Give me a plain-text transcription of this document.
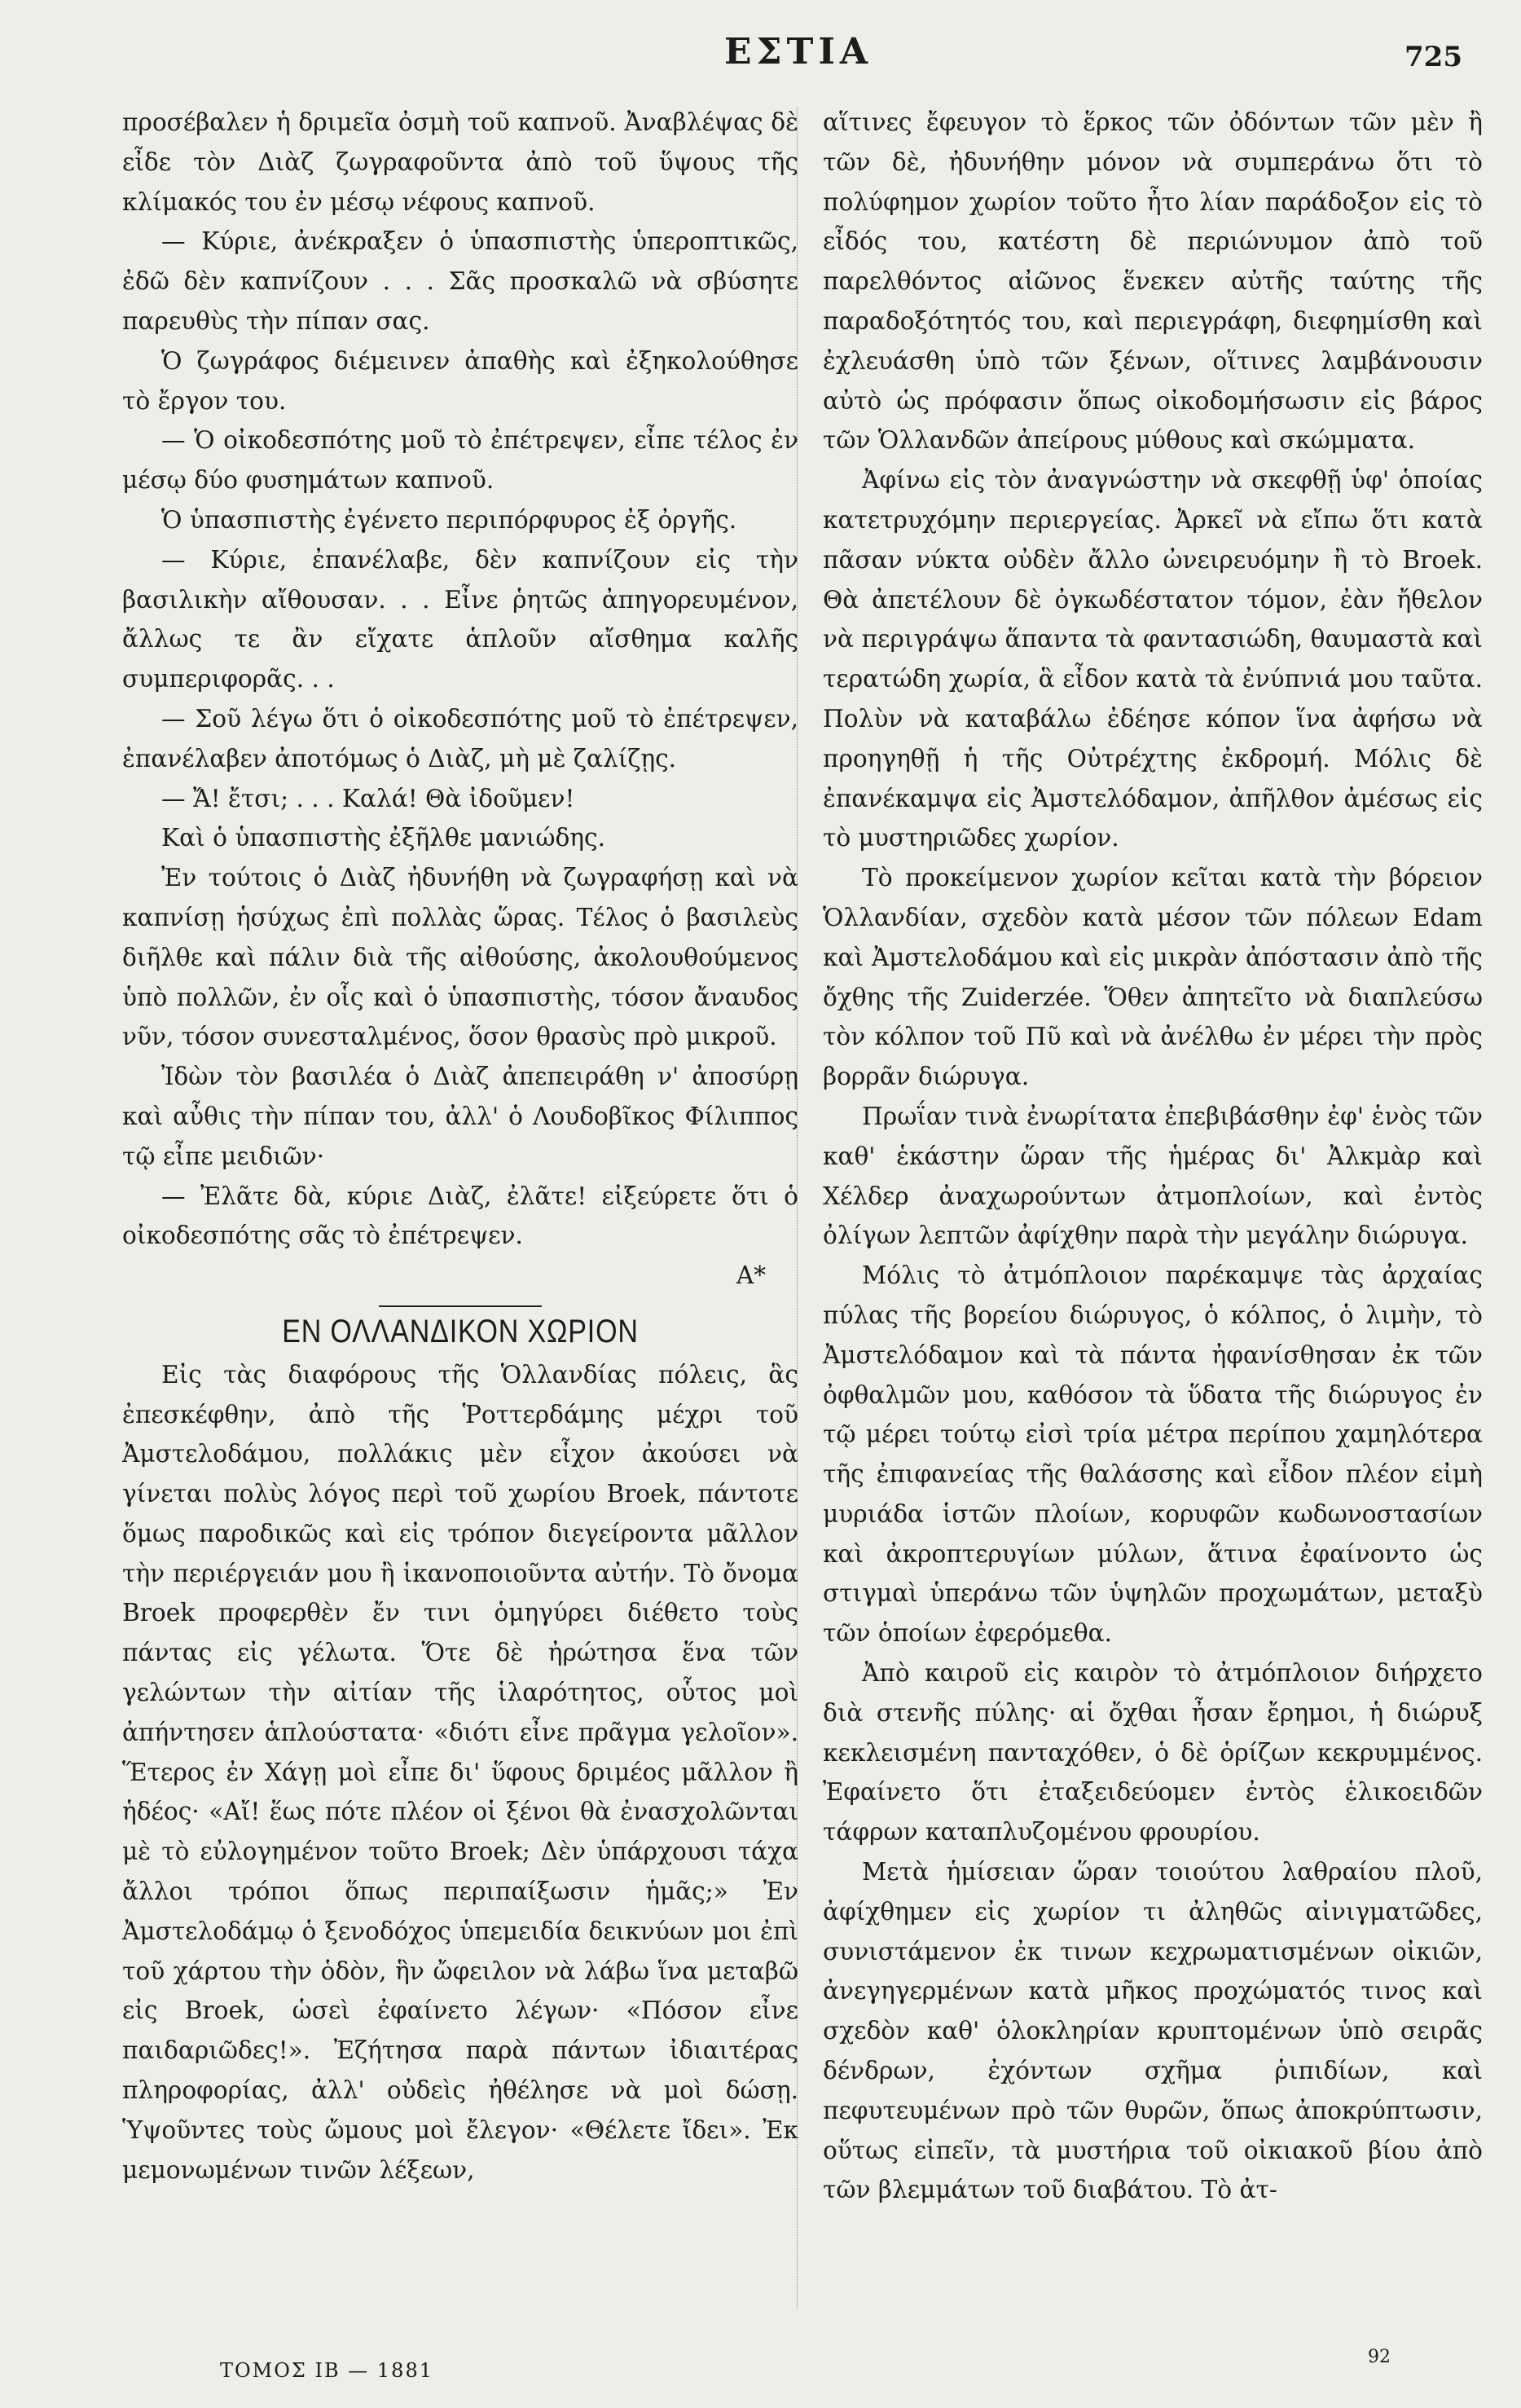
ΕΣΤΙΑ	725

προσέβαλεν ἡ δριμεῖα ὀσμὴ τοῦ καπνοῦ. Ἀναβλέψας δὲ εἶδε τὸν Διὰζ ζωγραφοῦντα ἀπὸ τοῦ ὕψους τῆς κλίμακός του ἐν μέσῳ νέφους καπνοῦ.

— Κύριε, ἀνέκραξεν ὁ ὑπασπιστὴς ὑπεροπτικῶς, ἐδῶ δὲν καπνίζουν . . . Σᾶς προσκαλῶ νὰ σβύσητε παρευθὺς τὴν πίπαν σας.

Ὁ ζωγράφος διέμεινεν ἀπαθὴς καὶ ἐξηκολούθησε τὸ ἔργον του.

— Ὁ οἰκοδεσπότης μοῦ τὸ ἐπέτρεψεν, εἶπε τέλος ἐν μέσῳ δύο φυσημάτων καπνοῦ.

Ὁ ὑπασπιστὴς ἐγένετο περιπόρφυρος ἐξ ὀργῆς.

— Κύριε, ἐπανέλαβε, δὲν καπνίζουν εἰς τὴν βασιλικὴν αἴθουσαν. . . Εἶνε ῥητῶς ἀπηγορευμένον, ἄλλως τε ἂν εἴχατε ἁπλοῦν αἴσθημα καλῆς συμπεριφορᾶς. . .

— Σοῦ λέγω ὅτι ὁ οἰκοδεσπότης μοῦ τὸ ἐπέτρεψεν, ἐπανέλαβεν ἀποτόμως ὁ Διὰζ, μὴ μὲ ζαλίζῃς.

— Ἄ! ἔτσι; . . . Καλά! Θὰ ἰδοῦμεν!

Καὶ ὁ ὑπασπιστὴς ἐξῆλθε μανιώδης.

Ἐν τούτοις ὁ Διὰζ ἠδυνήθη νὰ ζωγραφήσῃ καὶ νὰ καπνίσῃ ἡσύχως ἐπὶ πολλὰς ὥρας. Τέλος ὁ βασιλεὺς διῆλθε καὶ πάλιν διὰ τῆς αἰθούσης, ἀκολουθούμενος ὑπὸ πολλῶν, ἐν οἷς καὶ ὁ ὑπασπιστὴς, τόσον ἄναυδος νῦν, τόσον συνεσταλμένος, ὅσον θρασὺς πρὸ μικροῦ.

Ἰδὼν τὸν βασιλέα ὁ Διὰζ ἀπεπειράθη ν' ἀποσύρῃ καὶ αὖθις τὴν πίπαν του, ἀλλ' ὁ Λουδοβῖκος Φίλιππος τῷ εἶπε μειδιῶν·

— Ἐλᾶτε δὰ, κύριε Διὰζ, ἐλᾶτε! εἰξεύρετε ὅτι ὁ οἰκοδεσπότης σᾶς τὸ ἐπέτρεψεν.

Α*

ΕΝ ΟΛΛΑΝΔΙΚΟΝ ΧΩΡΙΟΝ

Εἰς τὰς διαφόρους τῆς Ὁλλανδίας πόλεις, ἃς ἐπεσκέφθην, ἀπὸ τῆς Ῥοττερδάμης μέχρι τοῦ Ἀμστελοδάμου, πολλάκις μὲν εἶχον ἀκούσει νὰ γίνεται πολὺς λόγος περὶ τοῦ χωρίου Broek, πάντοτε ὅμως παροδικῶς καὶ εἰς τρόπον διεγείροντα μᾶλλον τὴν περιέργειάν μου ἢ ἱκανοποιοῦντα αὐτήν. Τὸ ὄνομα Broek προφερθὲν ἔν τινι ὁμηγύρει διέθετο τοὺς πάντας εἰς γέλωτα. Ὅτε δὲ ἠρώτησα ἕνα τῶν γελώντων τὴν αἰτίαν τῆς ἱλαρότητος, οὗτος μοὶ ἀπήντησεν ἁπλούστατα· «διότι εἶνε πρᾶγμα γελοῖον». Ἕτερος ἐν Χάγῃ μοὶ εἶπε δι' ὕφους δριμέος μᾶλλον ἢ ἡδέος· «Αἴ! ἕως πότε πλέον οἱ ξένοι θὰ ἐνασχολῶνται μὲ τὸ εὐλογημένον τοῦτο Broek; Δὲν ὑπάρχουσι τάχα ἄλλοι τρόποι ὅπως περιπαίξωσιν ἡμᾶς;» Ἐν Ἀμστελοδάμῳ ὁ ξενοδόχος ὑπεμειδία δεικνύων μοι ἐπὶ τοῦ χάρτου τὴν ὁδὸν, ἣν ὤφειλον νὰ λάβω ἵνα μεταβῶ εἰς Broek, ὡσεὶ ἐφαίνετο λέγων· «Πόσον εἶνε παιδαριῶδες!». Ἐζήτησα παρὰ πάντων ἰδιαιτέρας πληροφορίας, ἀλλ' οὐδεὶς ἠθέλησε νὰ μοὶ δώσῃ. Ὑψοῦντες τοὺς ὤμους μοὶ ἔλεγον· «Θέλετε ἴδει». Ἐκ μεμονωμένων τινῶν λέξεων,

αἵτινες ἔφευγον τὸ ἕρκος τῶν ὀδόντων τῶν μὲν ἢ τῶν δὲ, ἠδυνήθην μόνον νὰ συμπεράνω ὅτι τὸ πολύφημον χωρίον τοῦτο ἦτο λίαν παράδοξον εἰς τὸ εἶδός του, κατέστη δὲ περιώνυμον ἀπὸ τοῦ παρελθόντος αἰῶνος ἕνεκεν αὐτῆς ταύτης τῆς παραδοξότητός του, καὶ περιεγράφη, διεφημίσθη καὶ ἐχλευάσθη ὑπὸ τῶν ξένων, οἵτινες λαμβάνουσιν αὐτὸ ὡς πρόφασιν ὅπως οἰκοδομήσωσιν εἰς βάρος τῶν Ὁλλανδῶν ἀπείρους μύθους καὶ σκώμματα.

Ἀφίνω εἰς τὸν ἀναγνώστην νὰ σκεφθῇ ὑφ' ὁποίας κατετρυχόμην περιεργείας. Ἀρκεῖ νὰ εἴπω ὅτι κατὰ πᾶσαν νύκτα οὐδὲν ἄλλο ὠνειρευόμην ἢ τὸ Broek. Θὰ ἀπετέλουν δὲ ὀγκωδέστατον τόμον, ἐὰν ἤθελον νὰ περιγράψω ἅπαντα τὰ φαντασιώδη, θαυμαστὰ καὶ τερατώδη χωρία, ἃ εἶδον κατὰ τὰ ἐνύπνιά μου ταῦτα. Πολὺν νὰ καταβάλω ἐδέησε κόπον ἵνα ἀφήσω νὰ προηγηθῇ ἡ τῆς Οὐτρέχτης ἐκδρομή. Μόλις δὲ ἐπανέκαμψα εἰς Ἀμστελόδαμον, ἀπῆλθον ἀμέσως εἰς τὸ μυστηριῶδες χωρίον.

Τὸ προκείμενον χωρίον κεῖται κατὰ τὴν βόρειον Ὁλλανδίαν, σχεδὸν κατὰ μέσον τῶν πόλεων Edam καὶ Ἀμστελοδάμου καὶ εἰς μικρὰν ἀπόστασιν ἀπὸ τῆς ὄχθης τῆς Zuiderzée. Ὅθεν ἀπητεῖτο νὰ διαπλεύσω τὸν κόλπον τοῦ Πῦ καὶ νὰ ἀνέλθω ἐν μέρει τὴν πρὸς βορρᾶν διώρυγα.

Πρωΐαν τινὰ ἐνωρίτατα ἐπεβιβάσθην ἐφ' ἑνὸς τῶν καθ' ἑκάστην ὥραν τῆς ἡμέρας δι' Ἀλκμὰρ καὶ Χέλδερ ἀναχωρούντων ἀτμοπλοίων, καὶ ἐντὸς ὀλίγων λεπτῶν ἀφίχθην παρὰ τὴν μεγάλην διώρυγα.

Μόλις τὸ ἀτμόπλοιον παρέκαμψε τὰς ἀρχαίας πύλας τῆς βορείου διώρυγος, ὁ κόλπος, ὁ λιμὴν, τὸ Ἀμστελόδαμον καὶ τὰ πάντα ἠφανίσθησαν ἐκ τῶν ὀφθαλμῶν μου, καθόσον τὰ ὕδατα τῆς διώρυγος ἐν τῷ μέρει τούτῳ εἰσὶ τρία μέτρα περίπου χαμηλότερα τῆς ἐπιφανείας τῆς θαλάσσης καὶ εἶδον πλέον εἰμὴ μυριάδα ἱστῶν πλοίων, κορυφῶν κωδωνοστασίων καὶ ἀκροπτερυγίων μύλων, ἅτινα ἐφαίνοντο ὡς στιγμαὶ ὑπεράνω τῶν ὑψηλῶν προχωμάτων, μεταξὺ τῶν ὁποίων ἐφερόμεθα.

Ἀπὸ καιροῦ εἰς καιρὸν τὸ ἀτμόπλοιον διήρχετο διὰ στενῆς πύλης· αἱ ὄχθαι ἦσαν ἔρημοι, ἡ διώρυξ κεκλεισμένη πανταχόθεν, ὁ δὲ ὁρίζων κεκρυμμένος. Ἐφαίνετο ὅτι ἐταξειδεύομεν ἐντὸς ἑλικοειδῶν τάφρων καταπλυζομένου φρουρίου.

Μετὰ ἡμίσειαν ὥραν τοιούτου λαθραίου πλοῦ, ἀφίχθημεν εἰς χωρίον τι ἀληθῶς αἰνιγματῶδες, συνιστάμενον ἐκ τινων κεχρωματισμένων οἰκιῶν, ἀνεγηγερμένων κατὰ μῆκος προχώματός τινος καὶ σχεδὸν καθ' ὁλοκληρίαν κρυπτομένων ὑπὸ σειρᾶς δένδρων, ἐχόντων σχῆμα ῥιπιδίων, καὶ πεφυτευμένων πρὸ τῶν θυρῶν, ὅπως ἀποκρύπτωσιν, οὕτως εἰπεῖν, τὰ μυστήρια τοῦ οἰκιακοῦ βίου ἀπὸ τῶν βλεμμάτων τοῦ διαβάτου. Τὸ ἀτ-

ΤΟΜΟΣ ΙΒ — 1881
92
